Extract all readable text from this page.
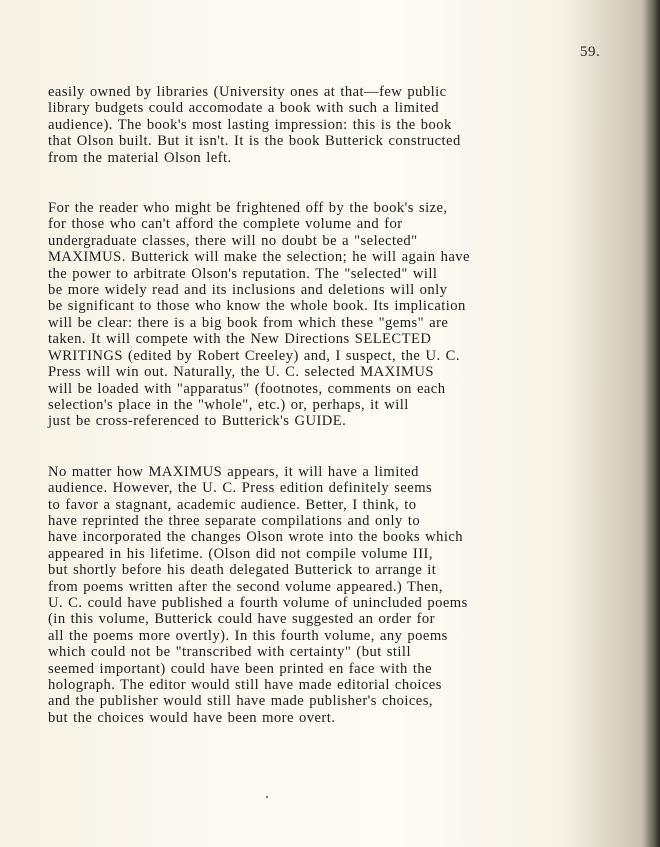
59.
easily owned by libraries (University ones at that—few public
library budgets could accomodate a book with such a limited
audience). The book's most lasting impression: this is the book
that Olson built. But it isn't. It is the book Butterick constructed
from the material Olson left.
For the reader who might be frightened off by the book's size,
for those who can't afford the complete volume and for
undergraduate classes, there will no doubt be a "selected"
MAXIMUS. Butterick will make the selection; he will again have
the power to arbitrate Olson's reputation. The "selected" will
be more widely read and its inclusions and deletions will only
be significant to those who know the whole book. Its implication
will be clear: there is a big book from which these "gems" are
taken. It will compete with the New Directions SELECTED
WRITINGS (edited by Robert Creeley) and, I suspect, the U. C.
Press will win out. Naturally, the U. C. selected MAXIMUS
will be loaded with "apparatus" (footnotes, comments on each
selection's place in the "whole", etc.) or, perhaps, it will
just be cross-referenced to Butterick's GUIDE.
No matter how MAXIMUS appears, it will have a limited
audience. However, the U. C. Press edition definitely seems
to favor a stagnant, academic audience. Better, I think, to
have reprinted the three separate compilations and only to
have incorporated the changes Olson wrote into the books which
appeared in his lifetime. (Olson did not compile volume III,
but shortly before his death delegated Butterick to arrange it
from poems written after the second volume appeared.) Then,
U. C. could have published a fourth volume of unincluded poems
(in this volume, Butterick could have suggested an order for
all the poems more overtly). In this fourth volume, any poems
which could not be "transcribed with certainty" (but still
seemed important) could have been printed en face with the
holograph. The editor would still have made editorial choices
and the publisher would still have made publisher's choices,
but the choices would have been more overt.
